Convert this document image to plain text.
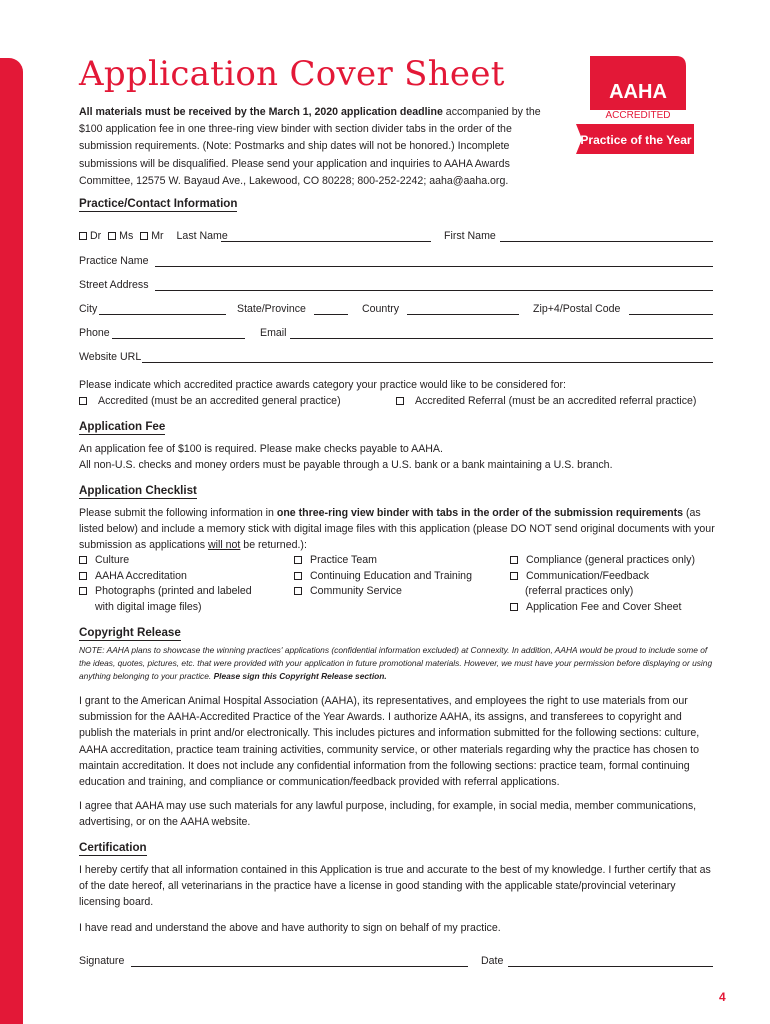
Application Cover Sheet
All materials must be received by the March 1, 2020 application deadline accompanied by the $100 application fee in one three-ring view binder with section divider tabs in the order of the submission requirements. (Note: Postmarks and ship dates will not be honored.) Incomplete submissions will be disqualified. Please send your application and inquiries to AAHA Awards Committee, 12575 W. Bayaud Ave., Lakewood, CO 80228; 800-252-2242; aaha@aaha.org.
AAHA
ACCREDITED
Practice of the Year
Practice/Contact Information
Dr Ms Mr Last Name	First Name
Practice Name
Street Address
City	State/Province	Country	Zip+4/Postal Code
Phone	Email
Website URL
Please indicate which accredited practice awards category your practice would like to be considered for:
Accredited (must be an accredited general practice)	Accredited Referral (must be an accredited referral practice)
Application Fee
An application fee of $100 is required. Please make checks payable to AAHA.
All non-U.S. checks and money orders must be payable through a U.S. bank or a bank maintaining a U.S. branch.
Application Checklist
Please submit the following information in one three-ring view binder with tabs in the order of the submission requirements (as listed below) and include a memory stick with digital image files with this application (please DO NOT send original documents with your submission as applications will not be returned.):
Culture
AAHA Accreditation
Photographs (printed and labeled
with digital image files)
Practice Team
Continuing Education and Training
Community Service
Compliance (general practices only)
Communication/Feedback
(referral practices only)
Application Fee and Cover Sheet
Copyright Release
NOTE: AAHA plans to showcase the winning practices' applications (confidential information excluded) at Connexity. In addition, AAHA would be proud to include some of the ideas, quotes, pictures, etc. that were provided with your application in future promotional materials. However, we must have your permission before displaying or using anything belonging to your practice. Please sign this Copyright Release section.
I grant to the American Animal Hospital Association (AAHA), its representatives, and employees the right to use materials from our submission for the AAHA-Accredited Practice of the Year Awards. I authorize AAHA, its assigns, and transferees to copyright and publish the materials in print and/or electronically. This includes pictures and information submitted for the following sections: culture, AAHA accreditation, practice team training activities, community service, or other materials regarding why the practice has chosen to maintain accreditation. It does not include any confidential information from the following sections: practice team, formal continuing education and training, and compliance or communication/feedback provided with referral applications.
I agree that AAHA may use such materials for any lawful purpose, including, for example, in social media, member communications, advertising, or on the AAHA website.
Certification
I hereby certify that all information contained in this Application is true and accurate to the best of my knowledge. I further certify that as of the date hereof, all veterinarians in the practice have a license in good standing with the applicable state/provincial veterinary licensing board.
I have read and understand the above and have authority to sign on behalf of my practice.
Signature	Date
4
